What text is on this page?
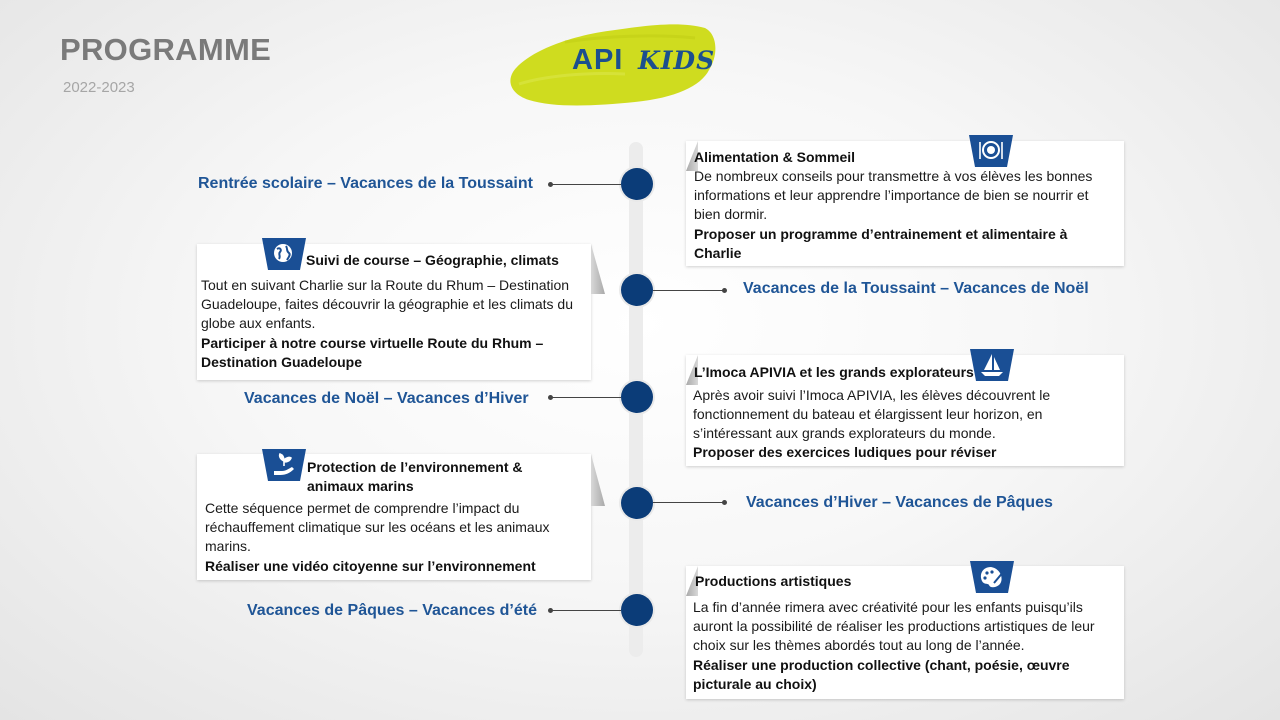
PROGRAMME
2022-2023
API KIDS
Rentrée scolaire – Vacances de la Toussaint
Vacances de la Toussaint – Vacances de Noël
Vacances de Noël – Vacances d’Hiver
Vacances d’Hiver – Vacances de Pâques
Vacances de Pâques – Vacances d’été
Alimentation & Sommeil
De nombreux conseils pour transmettre à vos élèves les bonnes informations et leur apprendre l’importance de bien se nourrir et bien dormir.
Proposer un programme d’entrainement et alimentaire à Charlie
Suivi de course – Géographie, climats
Tout en suivant Charlie sur la Route du Rhum – Destination Guadeloupe, faites découvrir la géographie et les climats du globe aux enfants.
Participer à notre course virtuelle Route du Rhum – Destination Guadeloupe
L’Imoca APIVIA et les grands explorateurs
Après avoir suivi l’Imoca APIVIA, les élèves découvrent le fonctionnement du bateau et élargissent leur horizon, en s’intéressant aux grands explorateurs du monde.
Proposer des exercices ludiques pour réviser
Protection de l’environnement & animaux marins
Cette séquence permet de comprendre l’impact du réchauffement climatique sur les océans et les animaux marins.
Réaliser une vidéo citoyenne sur l’environnement
Productions artistiques
La fin d’année rimera avec créativité pour les enfants puisqu’ils auront la possibilité de réaliser les productions artistiques de leur choix sur les thèmes abordés tout au long de l’année.
Réaliser une production collective (chant, poésie, œuvre picturale au choix)
